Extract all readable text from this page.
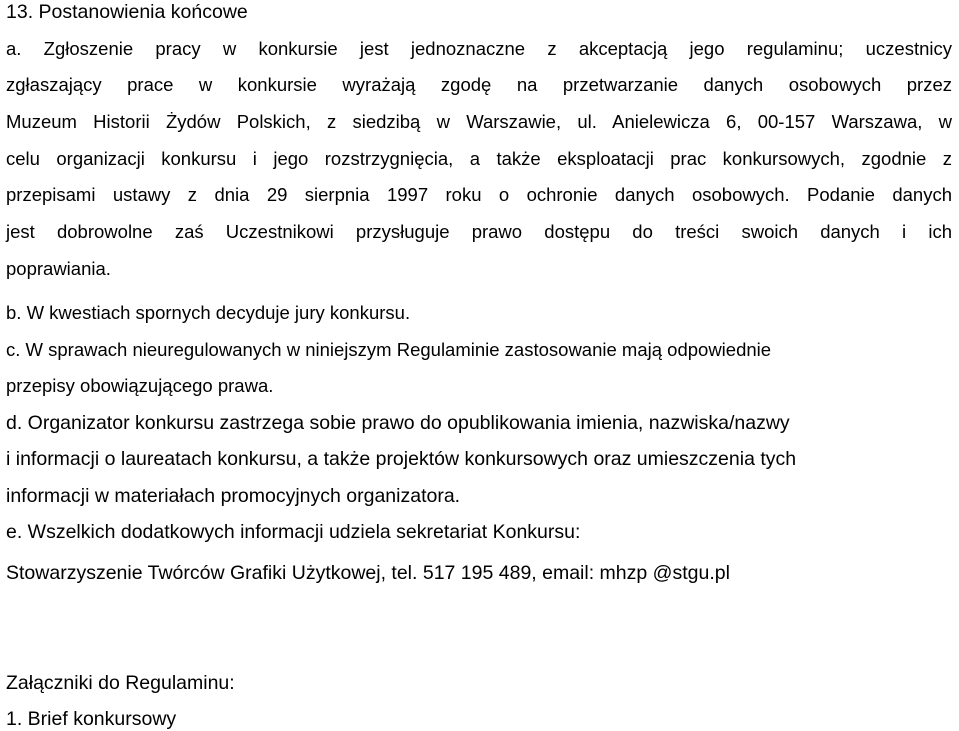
13. Postanowienia końcowe
a. Zgłoszenie pracy w konkursie jest jednoznaczne z akceptacją jego regulaminu; uczestnicy
zgłaszający prace w konkursie wyrażają zgodę na przetwarzanie danych osobowych przez
Muzeum Historii Żydów Polskich, z siedzibą w Warszawie, ul. Anielewicza 6, 00-157 Warszawa, w
celu organizacji konkursu i jego rozstrzygnięcia, a także eksploatacji prac konkursowych, zgodnie z
przepisami ustawy z dnia 29 sierpnia 1997 roku o ochronie danych osobowych. Podanie danych
jest dobrowolne zaś Uczestnikowi przysługuje prawo dostępu do treści swoich danych i ich
poprawiania.
b. W kwestiach spornych decyduje jury konkursu.
c. W sprawach nieuregulowanych w niniejszym Regulaminie zastosowanie mają odpowiednie
przepisy obowiązującego prawa.
d. Organizator konkursu zastrzega sobie prawo do opublikowania imienia, nazwiska/nazwy
i informacji o laureatach konkursu, a także projektów konkursowych oraz umieszczenia tych
informacji w materiałach promocyjnych organizatora.
e. Wszelkich dodatkowych informacji udziela sekretariat Konkursu:
Stowarzyszenie Twórców Grafiki Użytkowej, tel. 517 195 489, email: mhzp @stgu.pl
Załączniki do Regulaminu:
1. Brief konkursowy
